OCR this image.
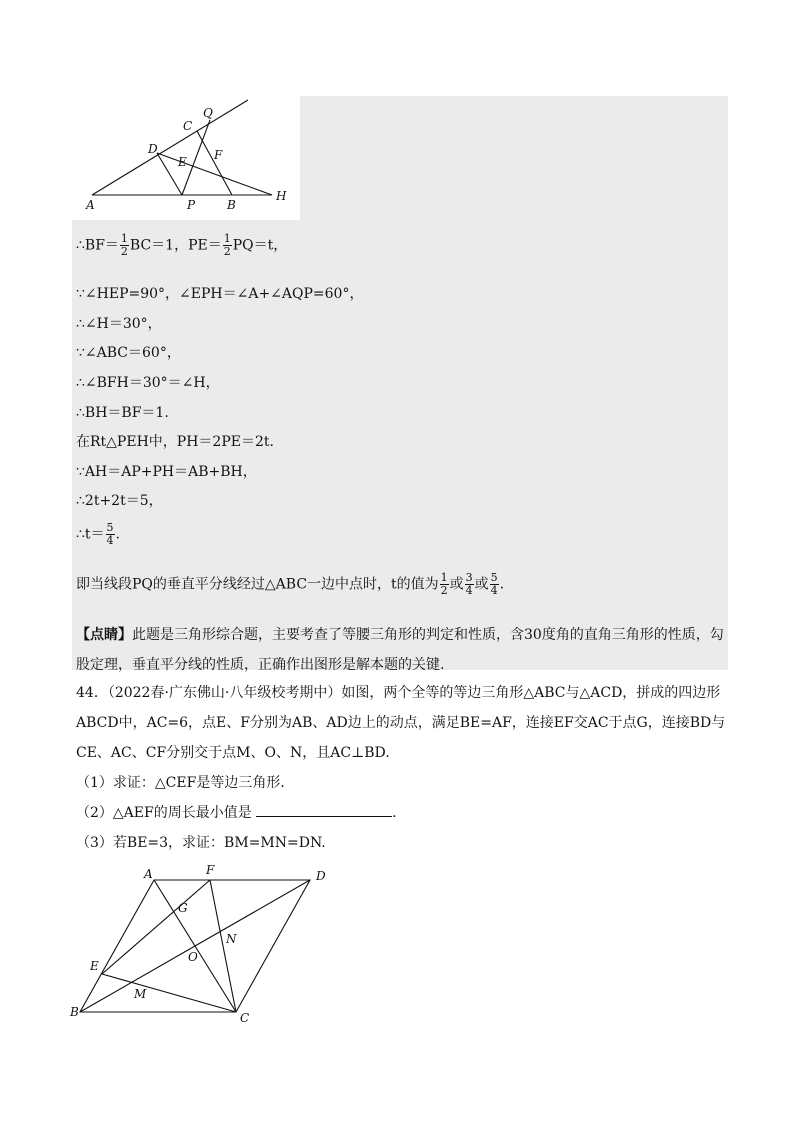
Q
C
D
E F
A	P	B
H
∴BF＝ $\frac{1}{2} BC=1$，$PE= \frac{1}{2} PQ=t$，
∵∠HEP=90°，∠EPH＝∠A+∠AQP=60°，
∴∠H＝30°，
∵∠ABC＝60°，
∴∠BFH＝30°＝∠H，
∴BH＝BF＝1.
在Rt△PEH中，PH＝2PE＝2t.
∵AH＝AP+PH＝AB+BH，
∴2t+2t＝5，
∴t＝ $\frac{5}{4}$ .
即当线段PQ的垂直平分线经过△ABC一边中点时，t的值为 $\frac{1}{2}$ 或 $\frac{3}{4}$ 或 $\frac{5}{4}$ .
【点睛】此题是三角形综合题，主要考查了等腰三角形的判定和性质，含30度角的直角三角形的性质，勾股定理，垂直平分线的性质，正确作出图形是解本题的关键.
44．（2022春·广东佛山·八年级校考期中）如图，两个全等的等边三角形△ABC与△ACD，拼成的四边形ABCD中，AC=6，点E、F分别为AB、AD边上的动点，满足BE=AF，连接EF交AC于点G，连接BD与CE、AC、CF分别交于点M、O、N，且AC⊥BD.
（1）求证：△CEF是等边三角形.
（2）△AEF的周长最小值是	.
（3）若BE=3，求证：BM=MN=DN.
A	F	D
G
N
O
E
M
B	C
